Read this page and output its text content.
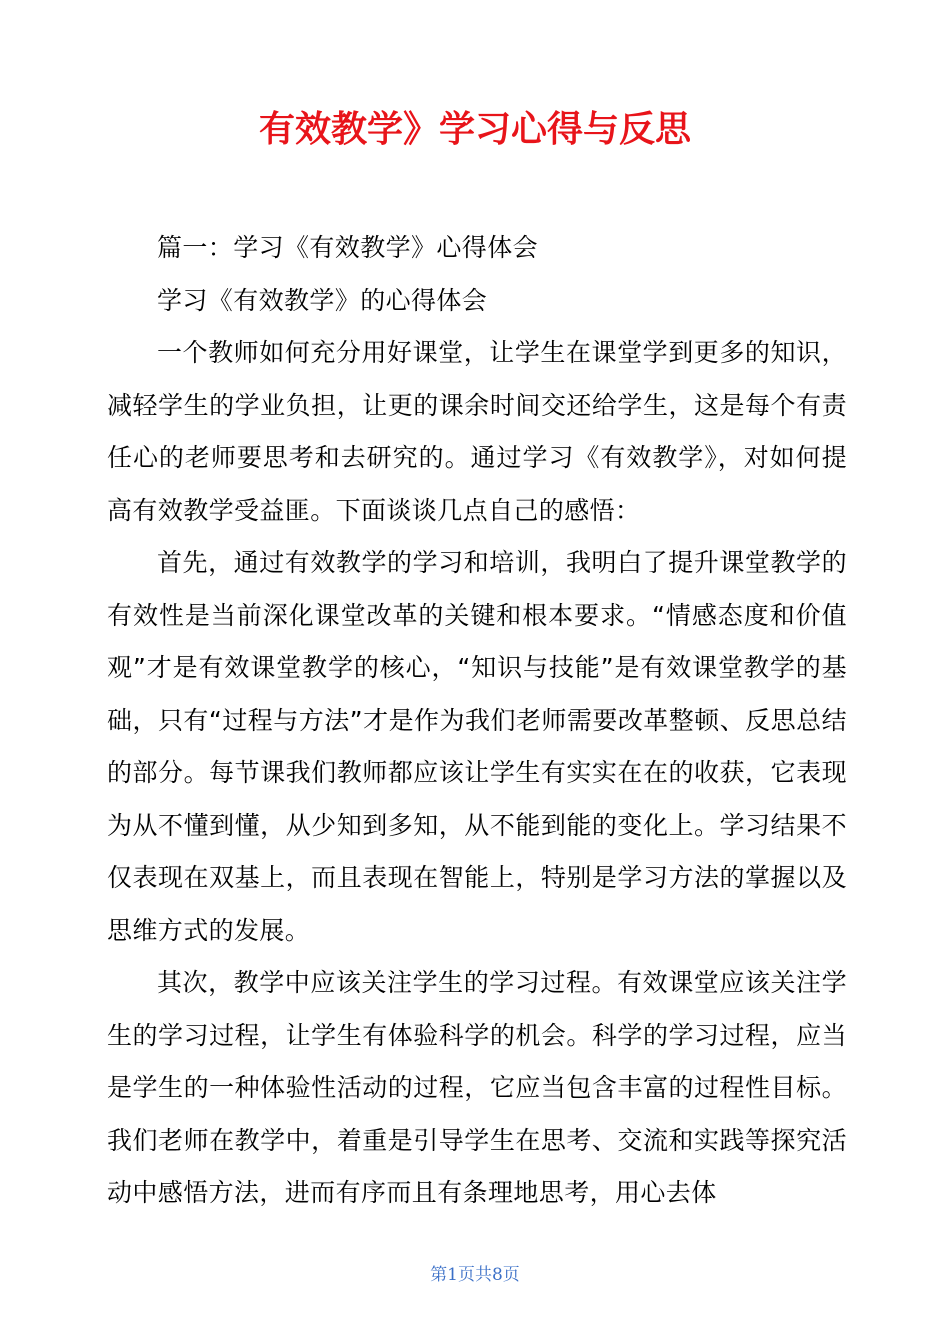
有效教学》学习心得与反思

篇一：学习《有效教学》心得体会

学习《有效教学》的心得体会

一个教师如何充分用好课堂，让学生在课堂学到更多的知识，减轻学生的学业负担，让更的课余时间交还给学生，这是每个有责任心的老师要思考和去研究的。通过学习《有效教学》，对如何提高有效教学受益匪。下面谈谈几点自己的感悟：

首先，通过有效教学的学习和培训，我明白了提升课堂教学的有效性是当前深化课堂改革的关键和根本要求。“情感态度和价值观”才是有效课堂教学的核心，“知识与技能”是有效课堂教学的基础，只有“过程与方法”才是作为我们老师需要改革整顿、反思总结的部分。每节课我们教师都应该让学生有实实在在的收获，它表现为从不懂到懂，从少知到多知，从不能到能的变化上。学习结果不仅表现在双基上，而且表现在智能上，特别是学习方法的掌握以及思维方式的发展。

其次，教学中应该关注学生的学习过程。有效课堂应该关注学生的学习过程，让学生有体验科学的机会。科学的学习过程，应当是学生的一种体验性活动的过程，它应当包含丰富的过程性目标。我们老师在教学中，着重是引导学生在思考、交流和实践等探究活动中感悟方法，进而有序而且有条理地思考，用心去体

第1页共8页
